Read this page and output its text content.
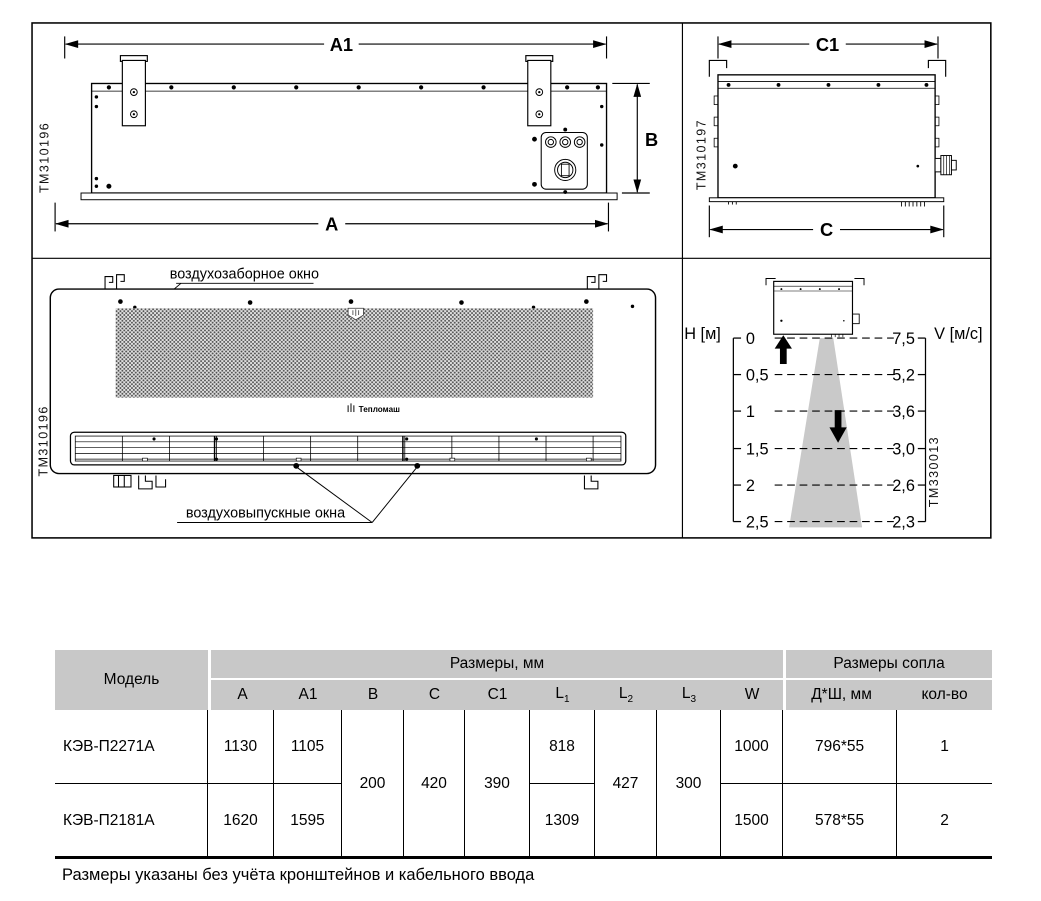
A1
B
A
TM310196
C1
C
TM310197
воздухозаборное окно
Тепломаш
воздуховыпускные окна
TM310196
H [м]	V [м/с]
0
0,5
1
1,5
2
2,5
7,5
5,2
3,6
3,0
2,6
2,3
TM330013
Модель	Размеры, мм									Размеры сопла	
	A	A1	B	C	C1	$L_1$	$L_2$	$L_3$	W	Д*Ш, мм	кол-во
КЭВ-П2271А	1130	1105	200	420	390	818	427	300	1000	796*55	1
КЭВ-П2181А	1620	1595				1309			1500	578*55	2
Размеры указаны без учёта кронштейнов и кабельного ввода
